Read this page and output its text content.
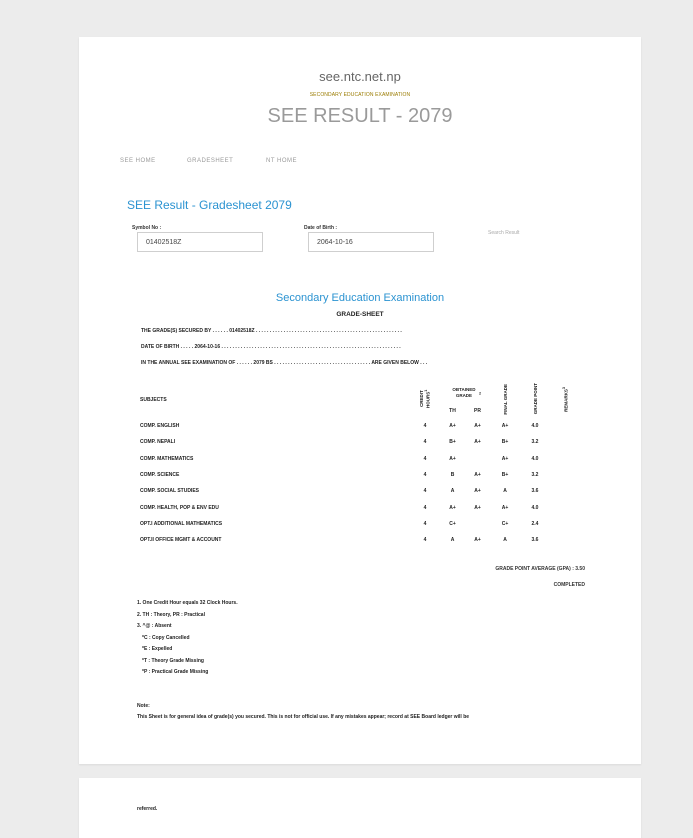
see.ntc.net.np
SECONDARY EDUCATION EXAMINATION
SEE RESULT - 2079
SEE HOME	GRADESHEET	NT HOME
SEE Result - Gradesheet 2079
Symbol No :
01402518Z
Date of Birth :
2064-10-16
Search Result
Secondary Education Examination
GRADE-SHEET
THE GRADE(S) SECURED BY . . . . . . 01402518Z . . . . . . . . . . . . . . . . . . . . . . . . . . . . . . . . . . . . . . . . . . . . . . . . . . . . .
DATE OF BIRTH . . . . . 2064-10-16 . . . . . . . . . . . . . . . . . . . . . . . . . . . . . . . . . . . . . . . . . . . . . . . . . . . . . . . . . . . . . . . . .
IN THE ANNUAL SEE EXAMINATION OF . . . . . . 2079 BS . . . . . . . . . . . . . . . . . . . . . . . . . . . . . . . . . . . ARE GIVEN BELOW . . .
SUBJECTS	CREDIT HOURS$^1$	OBTAINED GRADE $^2$		FINAL GRADE	GRADE POINT	REMARKS$^3$
		TH	PR			
COMP. ENGLISH	4	A+	A+	A+	4.0	
COMP. NEPALI	4	B+	A+	B+	3.2	
COMP. MATHEMATICS	4	A+		A+	4.0	
COMP. SCIENCE	4	B	A+	B+	3.2	
COMP. SOCIAL STUDIES	4	A	A+	A	3.6	
COMP. HEALTH, POP & ENV EDU	4	A+	A+	A+	4.0	
OPT.I ADDITIONAL MATHEMATICS	4	C+		C+	2.4	
OPT.II OFFICE MGMT & ACCOUNT	4	A	A+	A	3.6	
GRADE POINT AVERAGE (GPA) : 3.50
COMPLETED
1. One Credit Hour equals 32 Clock Hours.
2. TH : Theory, PR : Practical
3. ^@ : Absent
*C : Copy Cancelled
*E : Expelled
*T : Theory Grade Missing
*P : Practical Grade Missing
Note:
This Sheet is for general idea of grade(s) you secured. This is not for official use. If any mistakes appear; record at SEE Board ledger will be
referred.
